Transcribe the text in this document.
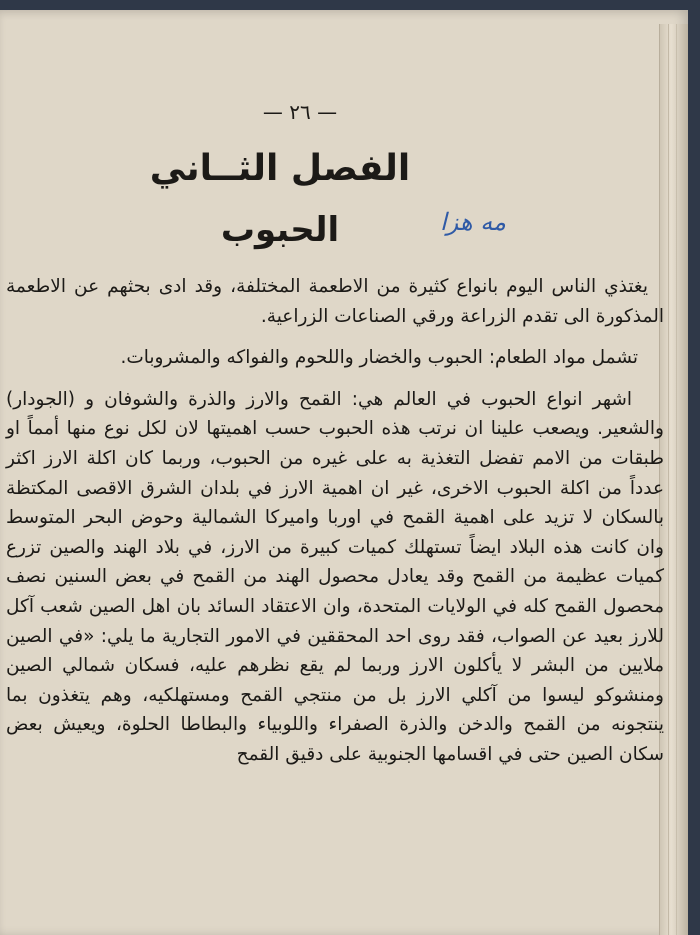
— ٢٦ —
الفصل الثــاني
الحبوب	مه هزا

يغتذي الناس اليوم بانواع كثيرة من الاطعمة المختلفة، وقد ادى بحثهم عن الاطعمة المذكورة الى تقدم الزراعة ورقي الصناعات الزراعية.

تشمل مواد الطعام: الحبوب والخضار واللحوم والفواكه والمشروبات.

اشهر انواع الحبوب في العالم هي: القمح والارز والذرة والشوفان و (الجودار) والشعير. ويصعب علينا ان نرتب هذه الحبوب حسب اهميتها لان لكل نوع منها أمماً او طبقات من الامم تفضل التغذية به على غيره من الحبوب، وربما كان اكلة الارز اكثر عدداً من اكلة الحبوب الاخرى، غير ان اهمية الارز في بلدان الشرق الاقصى المكتظة بالسكان لا تزيد على اهمية القمح في اوربا واميركا الشمالية وحوض البحر المتوسط وان كانت هذه البلاد ايضاً تستهلك كميات كبيرة من الارز، في بلاد الهند والصين تزرع كميات عظيمة من القمح وقد يعادل محصول الهند من القمح في بعض السنين نصف محصول القمح كله في الولايات المتحدة، وان الاعتقاد السائد بان اهل الصين شعب آكل للارز بعيد عن الصواب، فقد روى احد المحققين في الامور التجارية ما يلي: «في الصين ملايين من البشر لا يأكلون الارز وربما لم يقع نظرهم عليه، فسكان شمالي الصين ومنشوكو ليسوا من آكلي الارز بل من منتجي القمح ومستهلكيه، وهم يتغذون بما ينتجونه من القمح والدخن والذرة الصفراء واللوبياء والبطاطا الحلوة، ويعيش بعض سكان الصين حتى في اقسامها الجنوبية على دقيق القمح
